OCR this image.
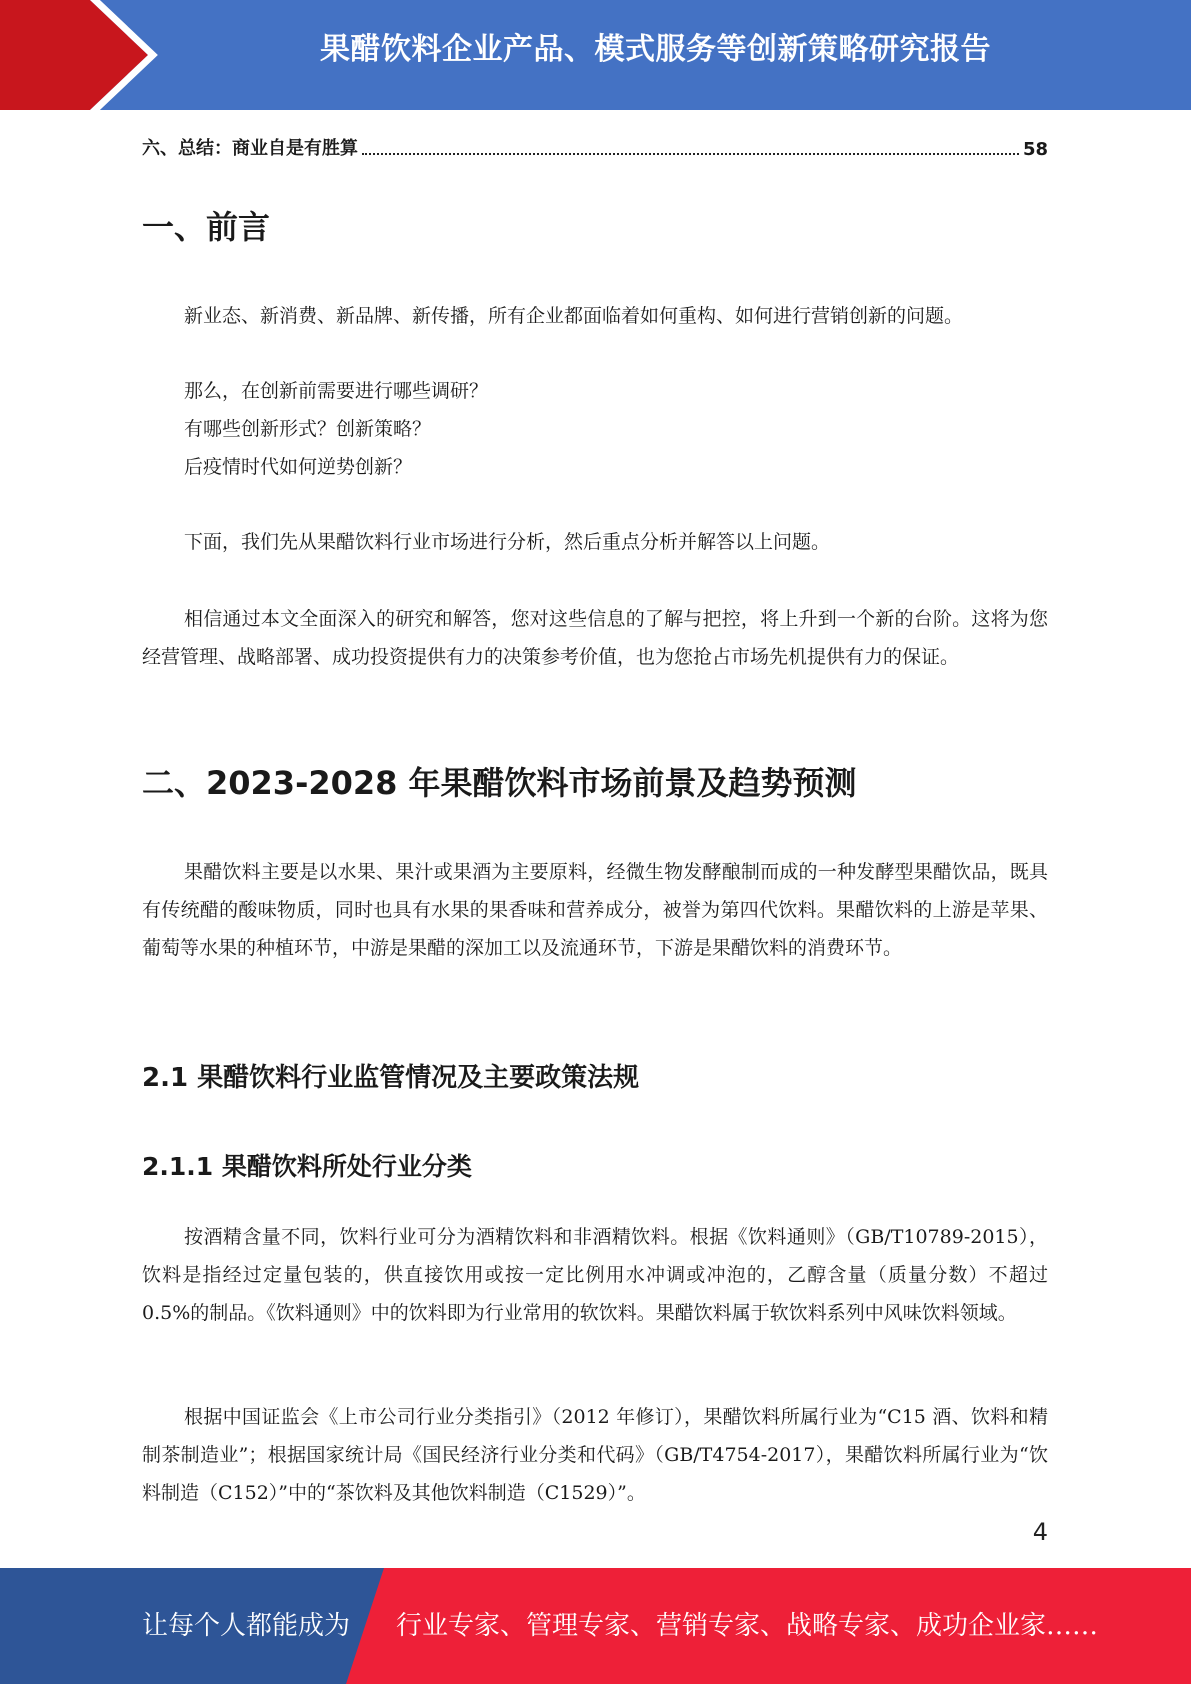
果醋饮料企业产品、模式服务等创新策略研究报告
六、总结：商业自是有胜算	58
一、前言

新业态、新消费、新品牌、新传播，所有企业都面临着如何重构、如何进行营销创新的问题。

那么，在创新前需要进行哪些调研？

有哪些创新形式？创新策略？

后疫情时代如何逆势创新？

下面，我们先从果醋饮料行业市场进行分析，然后重点分析并解答以上问题。

相信通过本文全面深入的研究和解答，您对这些信息的了解与把控，将上升到一个新的台阶。这将为您经营管理、战略部署、成功投资提供有力的决策参考价值，也为您抢占市场先机提供有力的保证。

二、2023-2028 年果醋饮料市场前景及趋势预测

果醋饮料主要是以水果、果汁或果酒为主要原料，经微生物发酵酿制而成的一种发酵型果醋饮品，既具有传统醋的酸味物质，同时也具有水果的果香味和营养成分，被誉为第四代饮料。果醋饮料的上游是苹果、葡萄等水果的种植环节，中游是果醋的深加工以及流通环节，下游是果醋饮料的消费环节。

2.1 果醋饮料行业监管情况及主要政策法规
2.1.1 果醋饮料所处行业分类

按酒精含量不同，饮料行业可分为酒精饮料和非酒精饮料。根据《饮料通则》（GB/T10789-2015），饮料是指经过定量包装的，供直接饮用或按一定比例用水冲调或冲泡的，乙醇含量（质量分数）不超过 0.5%的制品。《饮料通则》中的饮料即为行业常用的软饮料。果醋饮料属于软饮料系列中风味饮料领域。

根据中国证监会《上市公司行业分类指引》（2012 年修订），果醋饮料所属行业为“C15 酒、饮料和精制茶制造业”；根据国家统计局《国民经济行业分类和代码》（GB/T4754-2017），果醋饮料所属行业为“饮料制造（C152）”中的“茶饮料及其他饮料制造（C1529）”。

4
让每个人都能成为 行业专家、管理专家、营销专家、战略专家、成功企业家……
